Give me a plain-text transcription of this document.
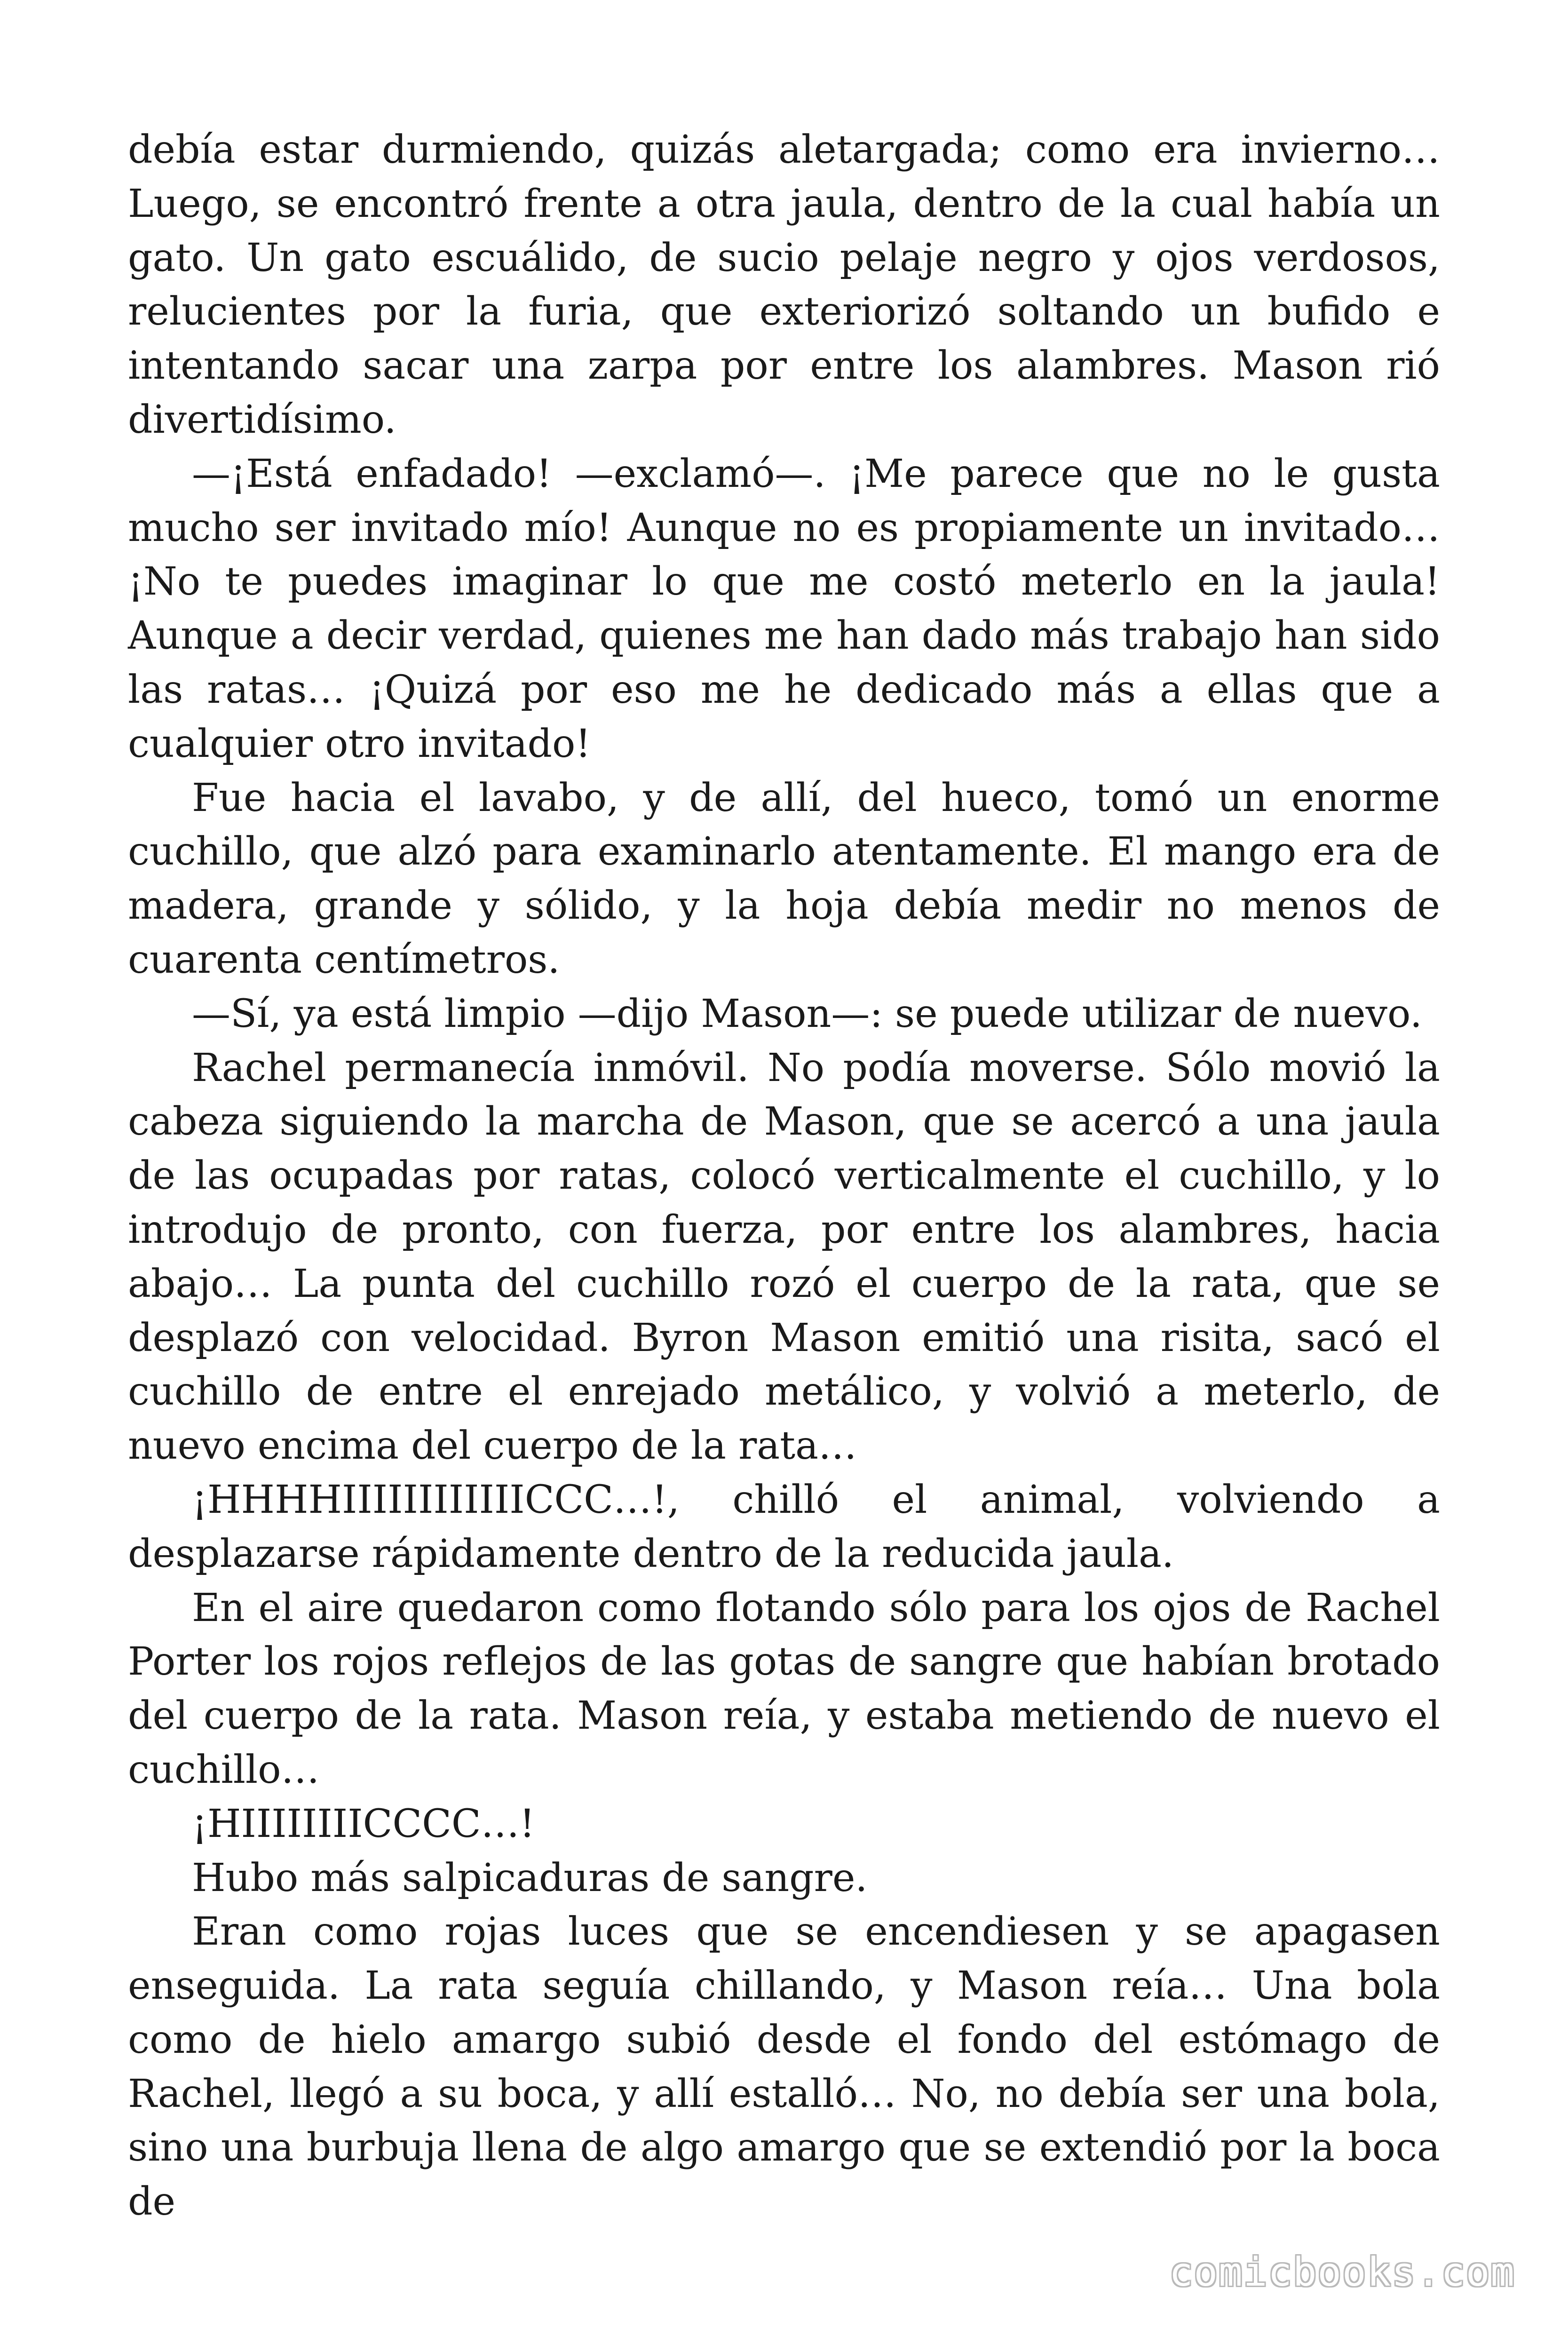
debía estar durmiendo, quizás aletargada; como era invierno… Luego, se encontró frente a otra jaula, dentro de la cual había un gato. Un gato escuálido, de sucio pelaje negro y ojos verdosos, relucientes por la furia, que exteriorizó soltando un bufido e intentando sacar una zarpa por entre los alambres. Mason rió divertidísimo.

—¡Está enfadado! —exclamó—. ¡Me parece que no le gusta mucho ser invitado mío! Aunque no es propiamente un invitado… ¡No te puedes imaginar lo que me costó meterlo en la jaula! Aunque a decir verdad, quienes me han dado más trabajo han sido las ratas… ¡Quizá por eso me he dedicado más a ellas que a cualquier otro invitado!

Fue hacia el lavabo, y de allí, del hueco, tomó un enorme cuchillo, que alzó para examinarlo atentamente. El mango era de madera, grande y sólido, y la hoja debía medir no menos de cuarenta centímetros.

—Sí, ya está limpio —dijo Mason—: se puede utilizar de nuevo.

Rachel permanecía inmóvil. No podía moverse. Sólo movió la cabeza siguiendo la marcha de Mason, que se acercó a una jaula de las ocupadas por ratas, colocó verticalmente el cuchillo, y lo introdujo de pronto, con fuerza, por entre los alambres, hacia abajo… La punta del cuchillo rozó el cuerpo de la rata, que se desplazó con velocidad. Byron Mason emitió una risita, sacó el cuchillo de entre el enrejado metálico, y volvió a meterlo, de nuevo encima del cuerpo de la rata…

¡HHHHIIIIIIIIIIIICCC…!, chilló el animal, volviendo a desplazarse rápidamente dentro de la reducida jaula.

En el aire quedaron como flotando sólo para los ojos de Rachel Porter los rojos reflejos de las gotas de sangre que habían brotado del cuerpo de la rata. Mason reía, y estaba metiendo de nuevo el cuchillo…

¡HIIIIIIIICCCC…!

Hubo más salpicaduras de sangre.

Eran como rojas luces que se encendiesen y se apagasen enseguida. La rata seguía chillando, y Mason reía… Una bola como de hielo amargo subió desde el fondo del estómago de Rachel, llegó a su boca, y allí estalló… No, no debía ser una bola, sino una burbuja llena de algo amargo que se extendió por la boca de

comicbooks.com
